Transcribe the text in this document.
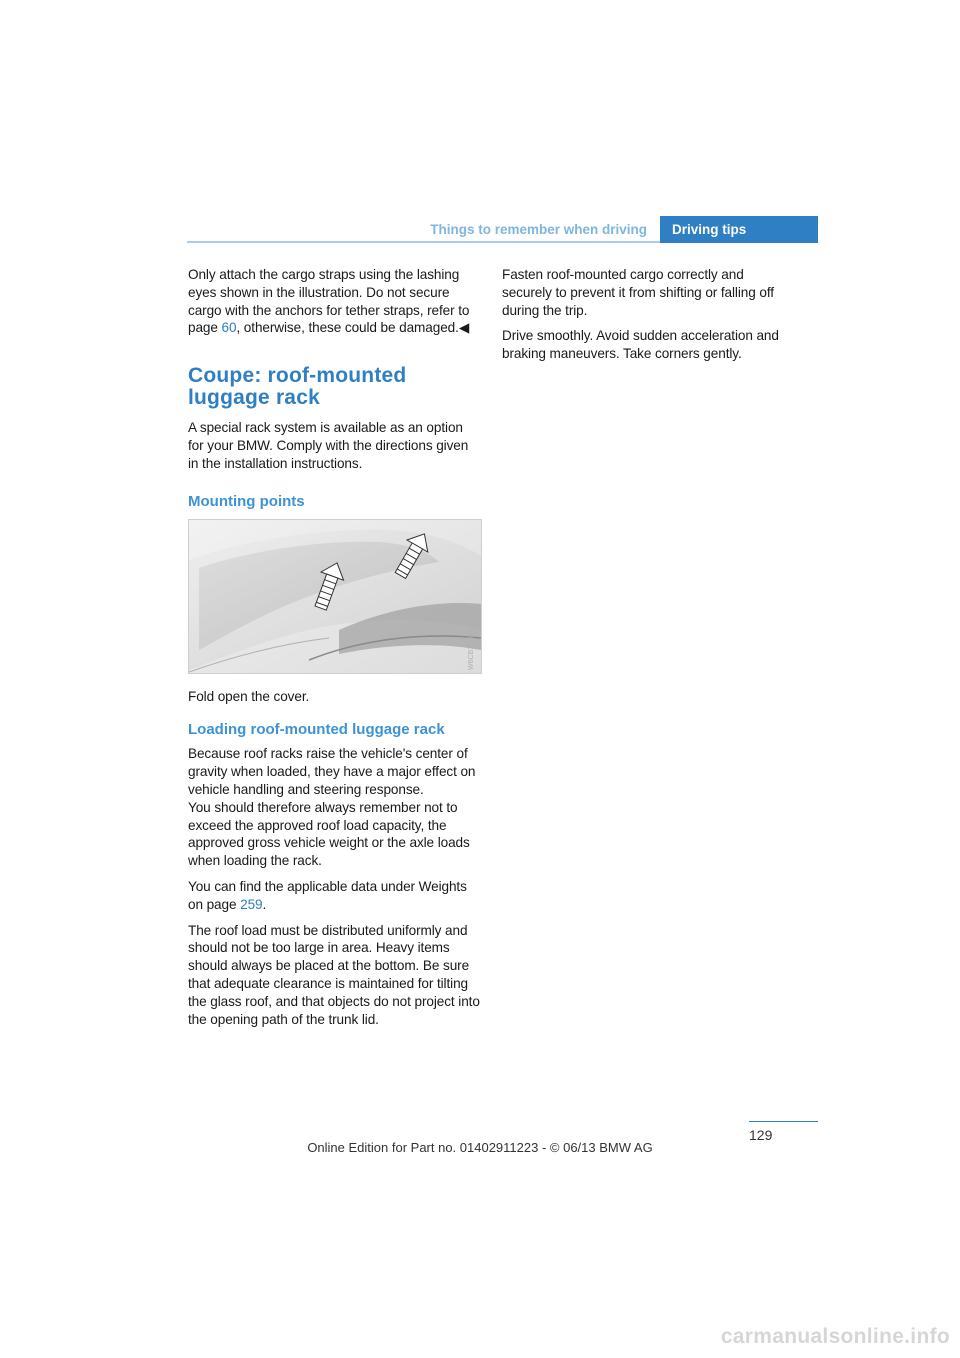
Things to remember when driving	Driving tips

Only attach the cargo straps using the lashing eyes shown in the illustration. Do not secure cargo with the anchors for tether straps, refer to page 60, otherwise, these could be damaged.◀

Coupe: roof-mounted luggage rack

A special rack system is available as an option for your BMW. Comply with the directions given in the installation instructions.

Mounting points
W6CB1028A

Fold open the cover.

Loading roof-mounted luggage rack

Because roof racks raise the vehicle's center of gravity when loaded, they have a major effect on vehicle handling and steering response.

You should therefore always remember not to exceed the approved roof load capacity, the approved gross vehicle weight or the axle loads when loading the rack.

You can find the applicable data under Weights on page 259.

The roof load must be distributed uniformly and should not be too large in area. Heavy items should always be placed at the bottom. Be sure that adequate clearance is maintained for tilting the glass roof, and that objects do not project into the opening path of the trunk lid.

Fasten roof-mounted cargo correctly and securely to prevent it from shifting or falling off during the trip.

Drive smoothly. Avoid sudden acceleration and braking maneuvers. Take corners gently.

129
Online Edition for Part no. 01402911223 - © 06/13 BMW AG
carmanualsonline.info
